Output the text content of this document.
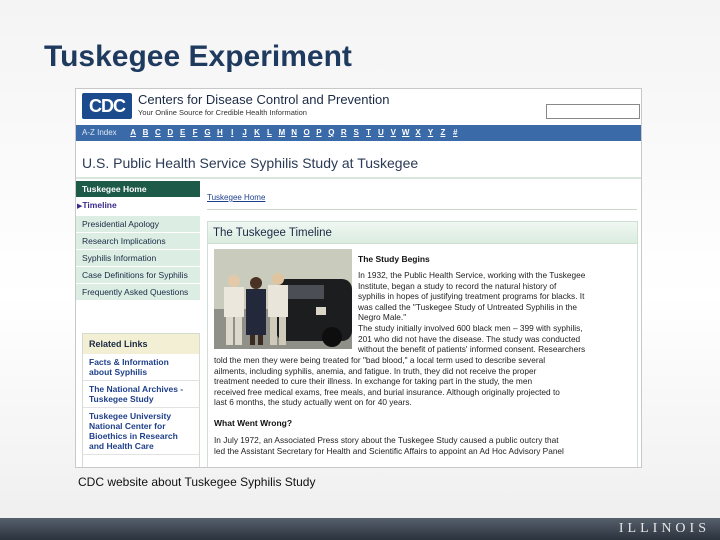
Tuskegee Experiment
CDC	Centers for Disease Control and Prevention
Your Online Source for Credible Health Information
A-Z Index A B C D E F G H I J K L M N O P Q R S T U V W X Y Z #
U.S. Public Health Service Syphilis Study at Tuskegee
Tuskegee Home
▶Timeline
Presidential Apology
Research Implications
Syphilis Information
Case Definitions for Syphilis
Frequently Asked Questions
Related Links
Facts & Information about Syphilis
The National Archives - Tuskegee Study
Tuskegee University National Center for Bioethics in Research and Health Care
Tuskegee Home
The Tuskegee Timeline
The Study Begins
In 1932, the Public Health Service, working with the Tuskegee
Institute, began a study to record the natural history of
syphilis in hopes of justifying treatment programs for blacks. It
was called the "Tuskegee Study of Untreated Syphilis in the
Negro Male."
The study initially involved 600 black men – 399 with syphilis,
201 who did not have the disease. The study was conducted
without the benefit of patients' informed consent. Researchers
told the men they were being treated for "bad blood," a local term used to describe several
ailments, including syphilis, anemia, and fatigue. In truth, they did not receive the proper
treatment needed to cure their illness. In exchange for taking part in the study, the men
received free medical exams, free meals, and burial insurance. Although originally projected to
last 6 months, the study actually went on for 40 years.
What Went Wrong?
In July 1972, an Associated Press story about the Tuskegee Study caused a public outcry that
led the Assistant Secretary for Health and Scientific Affairs to appoint an Ad Hoc Advisory Panel
CDC website about Tuskegee Syphilis Study
ILLINOIS
